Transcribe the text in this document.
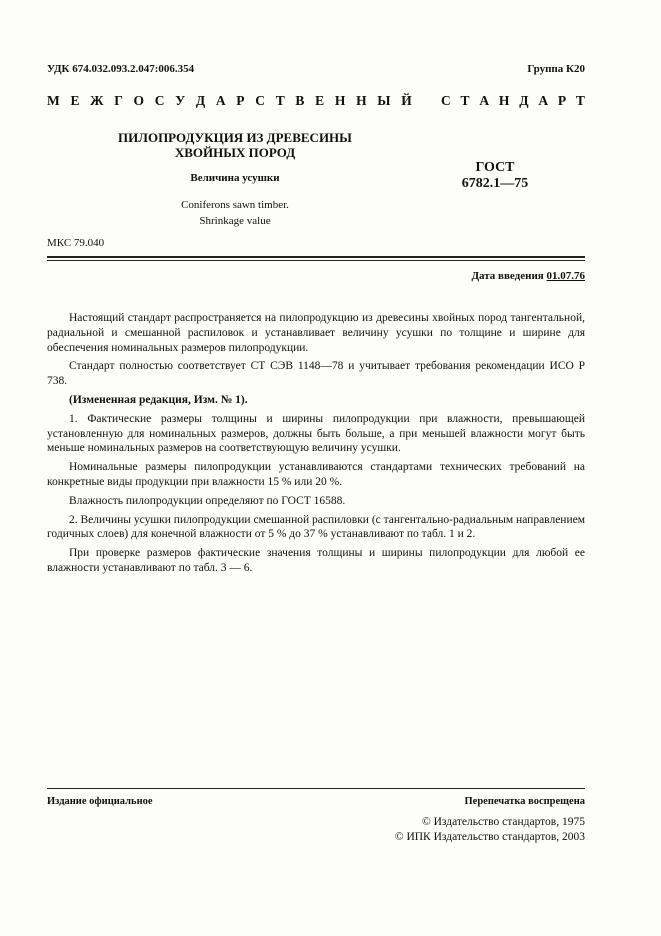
УДК 674.032.093.2.047:006.354	Группа К20
М Е Ж Г О С У Д А Р С Т В Е Н Н Ы Й С Т А Н Д А Р Т
ПИЛОПРОДУКЦИЯ ИЗ ДРЕВЕСИНЫ
ХВОЙНЫХ ПОРОД
Величина усушки
Coniferons sawn timber.
Shrinkage value
ГОСТ
6782.1—75
МКС 79.040
Дата введения 01.07.76

Настоящий стандарт распространяется на пилопродукцию из древесины хвойных пород тангентальной, радиальной и смешанной распиловок и устанавливает величину усушки по толщине и ширине для обеспечения номинальных размеров пилопродукции.

Стандарт полностью соответствует СТ СЭВ 1148—78 и учитывает требования рекомендации ИСО Р 738.

(Измененная редакция, Изм. № 1).

1. Фактические размеры толщины и ширины пилопродукции при влажности, превышающей установленную для номинальных размеров, должны быть больше, а при меньшей влажности могут быть меньше номинальных размеров на соответствующую величину усушки.

Номинальные размеры пилопродукции устанавливаются стандартами технических требований на конкретные виды продукции при влажности 15 % или 20 %.

Влажность пилопродукции определяют по ГОСТ 16588.

2. Величины усушки пилопродукции смешанной распиловки (с тангентально-радиальным направлением годичных слоев) для конечной влажности от 5 % до 37 % устанавливают по табл. 1 и 2.

При проверке размеров фактические значения толщины и ширины пилопродукции для любой ее влажности устанавливают по табл. 3 — 6.

Издание официальное	Перепечатка воспрещена
© Издательство стандартов, 1975
© ИПК Издательство стандартов, 2003
